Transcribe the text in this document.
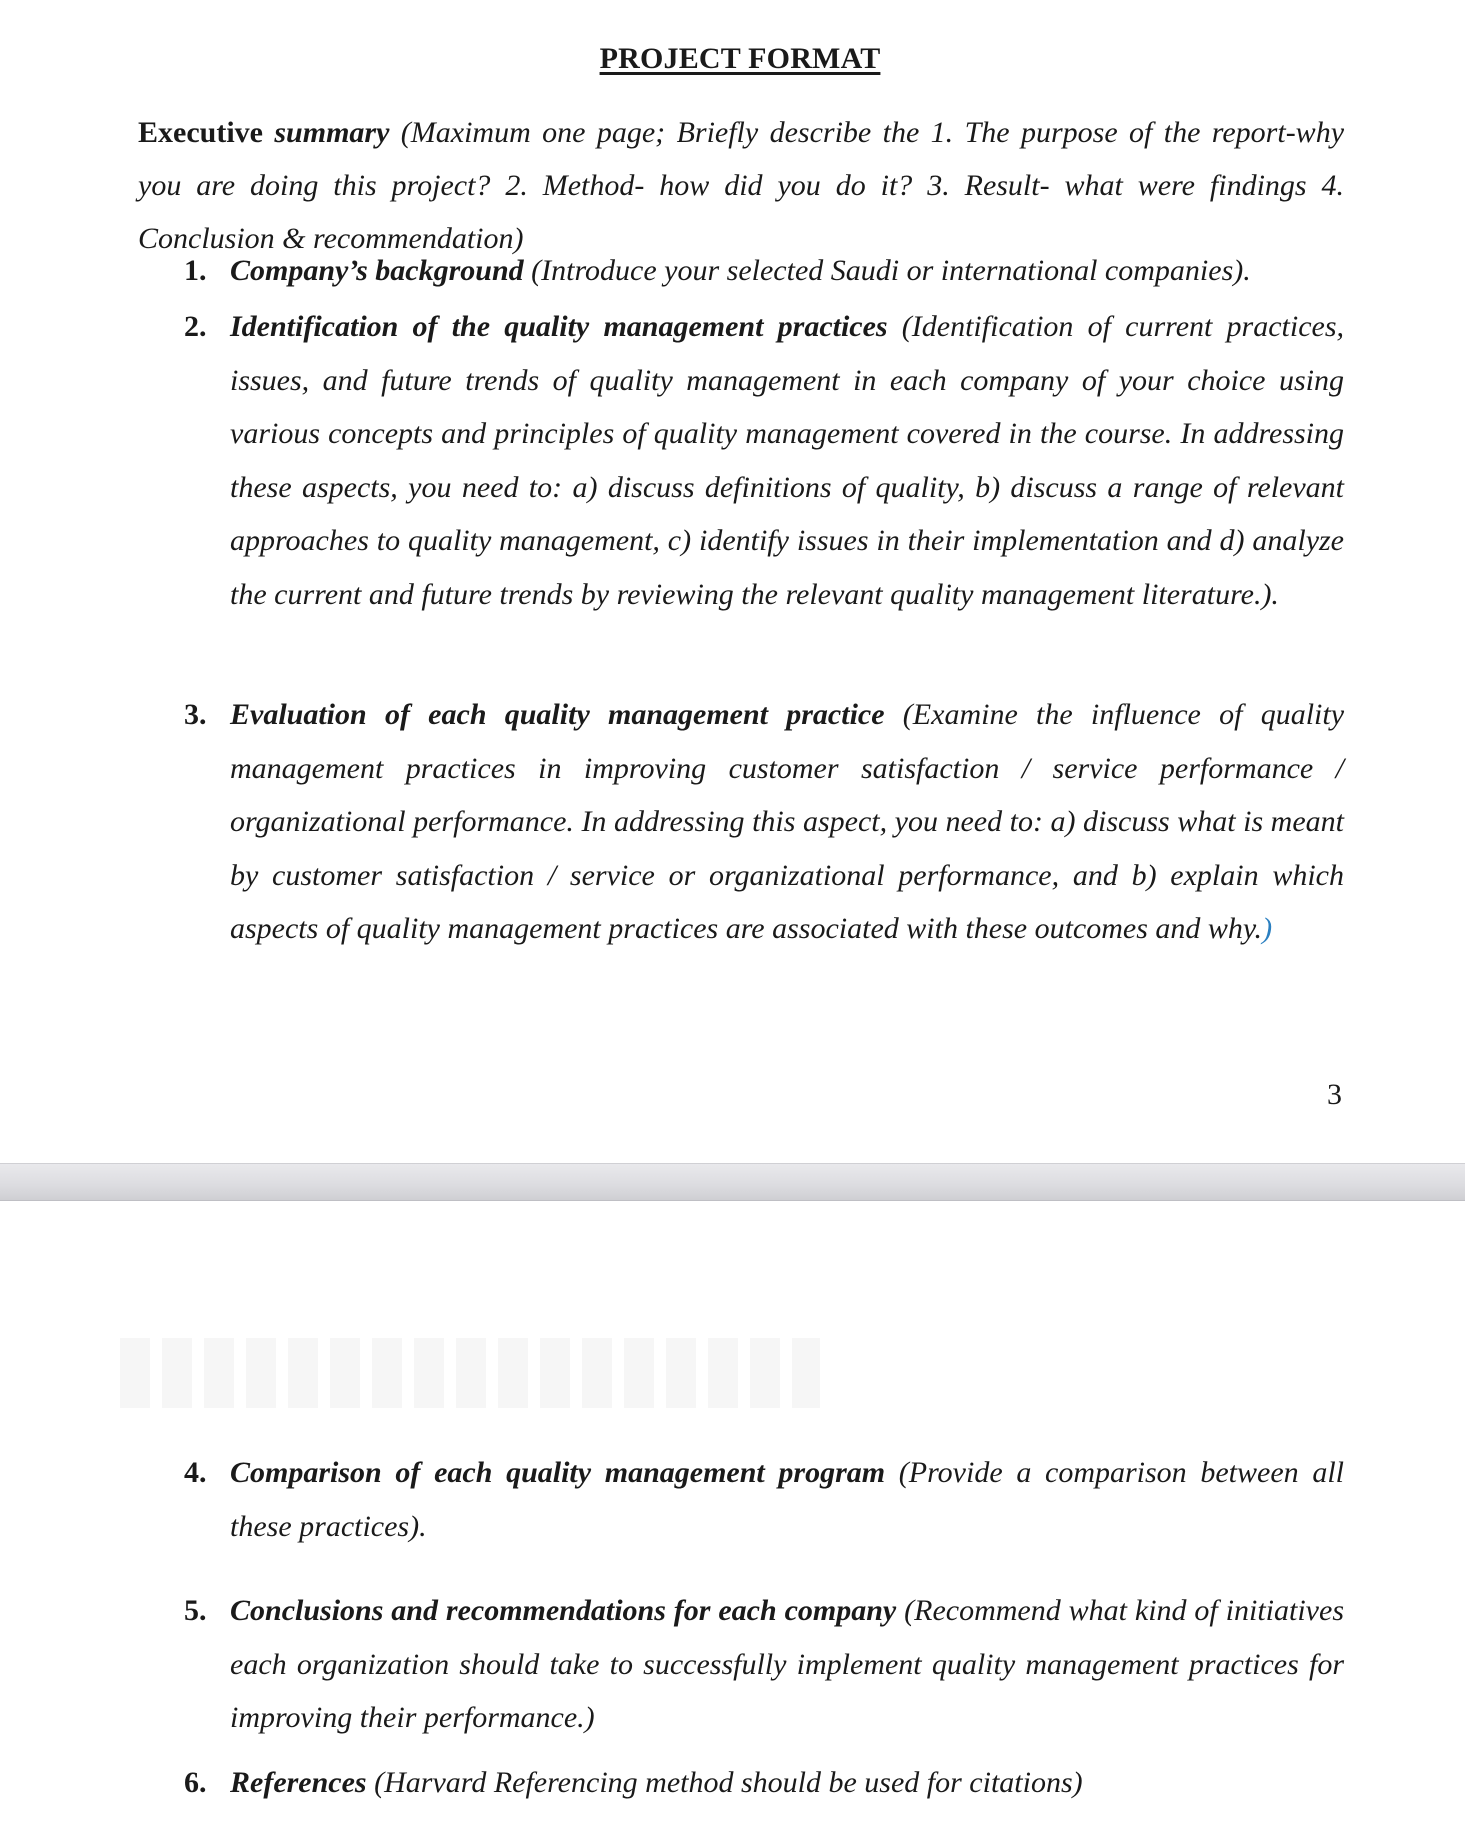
PROJECT FORMAT
Executive summary (Maximum one page; Briefly describe the 1. The purpose of the report-why you are doing this project? 2. Method- how did you do it? 3. Result- what were findings 4. Conclusion & recommendation)
1. Company’s background (Introduce your selected Saudi or international companies).
2. Identification of the quality management practices (Identification of current practices, issues, and future trends of quality management in each company of your choice using various concepts and principles of quality management covered in the course. In addressing these aspects, you need to: a) discuss definitions of quality, b) discuss a range of relevant approaches to quality management, c) identify issues in their implementation and d) analyze the current and future trends by reviewing the relevant quality management literature.).
3. Evaluation of each quality management practice (Examine the influence of quality management practices in improving customer satisfaction / service performance / organizational performance. In addressing this aspect, you need to: a) discuss what is meant by customer satisfaction / service or organizational performance, and b) explain which aspects of quality management practices are associated with these outcomes and why.)
3
4. Comparison of each quality management program (Provide a comparison between all these practices).
5. Conclusions and recommendations for each company (Recommend what kind of initiatives each organization should take to successfully implement quality management practices for improving their performance.)
6. References (Harvard Referencing method should be used for citations)
